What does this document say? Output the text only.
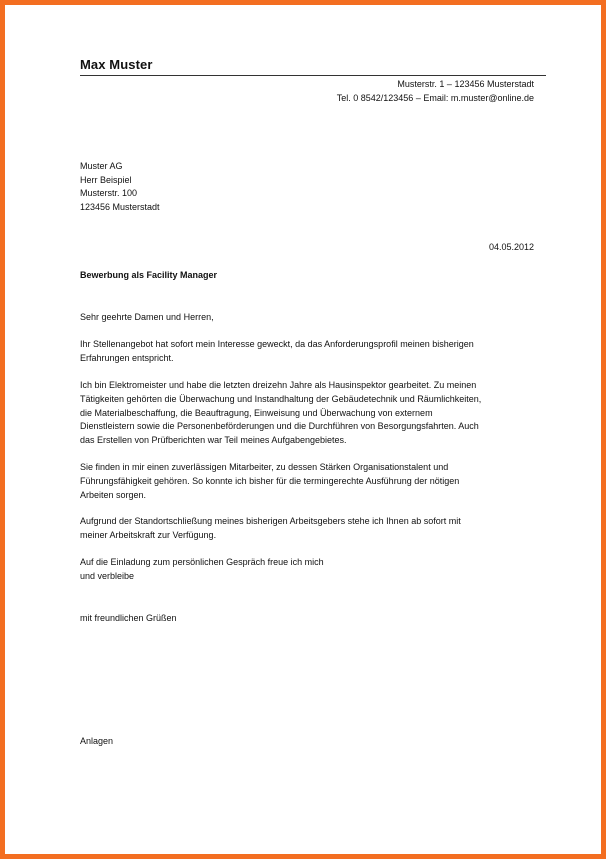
Max Muster
Musterstr. 1 – 123456 Musterstadt
Tel. 0 8542/123456 – Email: m.muster@online.de
Muster AG
Herr Beispiel
Musterstr. 100
123456 Musterstadt
04.05.2012
Bewerbung als Facility Manager
Sehr geehrte Damen und Herren,
Ihr Stellenangebot hat sofort mein Interesse geweckt, da das Anforderungsprofil meinen bisherigen
Erfahrungen entspricht.
Ich bin Elektromeister und habe die letzten dreizehn Jahre als Hausinspektor gearbeitet. Zu meinen
Tätigkeiten gehörten die Überwachung und Instandhaltung der Gebäudetechnik und Räumlichkeiten,
die Materialbeschaffung, die Beauftragung, Einweisung und Überwachung von externem
Dienstleistern sowie die Personenbeförderungen und die Durchführen von Besorgungsfahrten. Auch
das Erstellen von Prüfberichten war Teil meines Aufgabengebietes.
Sie finden in mir einen zuverlässigen Mitarbeiter, zu dessen Stärken Organisationstalent und
Führungsfähigkeit gehören. So konnte ich bisher für die termingerechte Ausführung der nötigen
Arbeiten sorgen.
Aufgrund der Standortschließung meines bisherigen Arbeitsgebers stehe ich Ihnen ab sofort mit
meiner Arbeitskraft zur Verfügung.
Auf die Einladung zum persönlichen Gespräch freue ich mich
und verbleibe
mit freundlichen Grüßen
Anlagen
